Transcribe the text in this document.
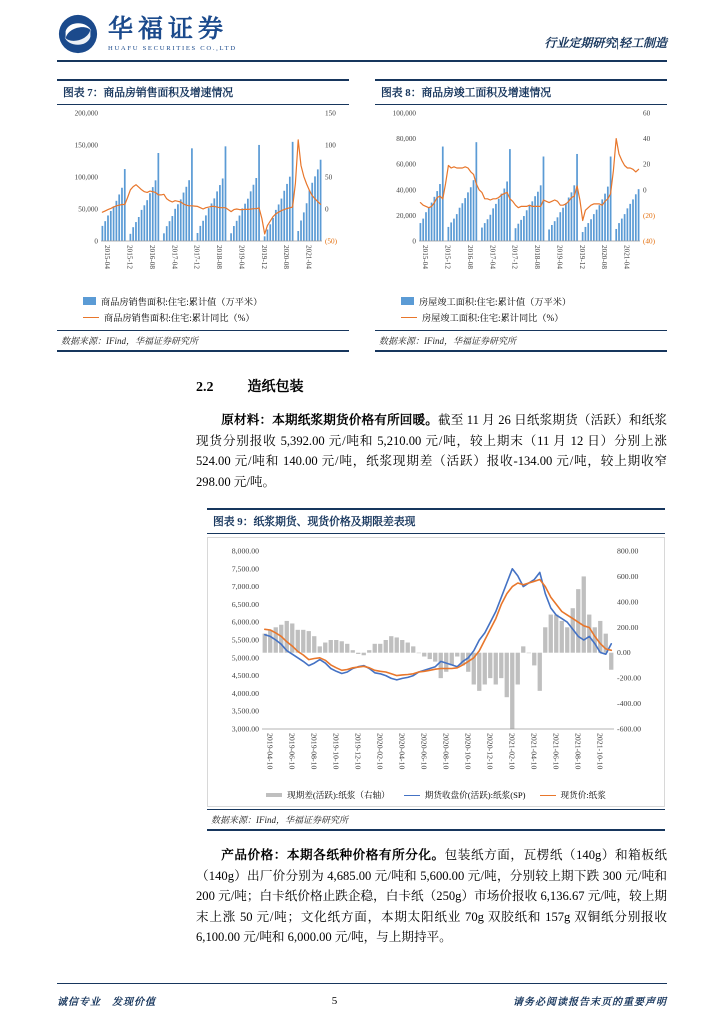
华福证券
HUAFU SECURITIES CO.,LTD	行业定期研究|轻工制造
图表 7：商品房销售面积及增速情况
0
50,000
100,000
150,000
200,000
(50)
0
50
100
150
2015-04 2015-12 2016-08 2017-04 2017-12 2018-08 2019-04 2019-12 2020-08 2021-04
商品房销售面积:住宅:累计值（万平米）
商品房销售面积:住宅:累计同比（%）
数据来源：IFind，华福证券研究所
图表 8：商品房竣工面积及增速情况
0
20,000
40,000
60,000
80,000
100,000
(40)
(20)
0
20
40
60
2015-04 2015-12 2016-08 2017-04 2017-12 2018-08 2019-04 2019-12 2020-08 2021-04
房屋竣工面积:住宅:累计值（万平米）
房屋竣工面积:住宅:累计同比（%）
数据来源：IFind，华福证券研究所
2.2 造纸包装

原材料：本期纸浆期货价格有所回暖。截至 11 月 26 日纸浆期货（活跃）和纸浆现货分别报收 5,392.00 元/吨和 5,210.00 元/吨，较上期末（11 月 12 日）分别上涨 524.00 元/吨和 140.00 元/吨，纸浆现期差（活跃）报收-134.00 元/吨，较上期收窄 298.00 元/吨。

图表 9：纸浆期货、现货价格及期限差表现
3,000.00
3,500.00
4,000.00
4,500.00
5,000.00
5,500.00
6,000.00
6,500.00
7,000.00
7,500.00
8,000.00
-600.00
-400.00
-200.00
0.00
200.00
400.00
600.00
800.00
2019-04-10 2019-06-10 2019-08-10 2019-10-10 2019-12-10 2020-02-10 2020-04-10 2020-06-10 2020-08-10 2020-10-10 2020-12-10 2021-02-10 2021-04-10 2021-06-10 2021-08-10 2021-10-10
现期差(活跃):纸浆（右轴）	期货收盘价(活跃):纸浆(SP)	现货价:纸浆
数据来源：IFind，华福证券研究所

产品价格：本期各纸种价格有所分化。包装纸方面，瓦楞纸（140g）和箱板纸（140g）出厂价分别为 4,685.00 元/吨和 5,600.00 元/吨，分别较上期下跌 300 元/吨和 200 元/吨；白卡纸价格止跌企稳，白卡纸（250g）市场价报收 6,136.67 元/吨，较上期末上涨 50 元/吨；文化纸方面，本期太阳纸业 70g 双胶纸和 157g 双铜纸分别报收 6,100.00 元/吨和 6,000.00 元/吨，与上期持平。

诚信专业　发现价值	5	请务必阅读报告末页的重要声明
